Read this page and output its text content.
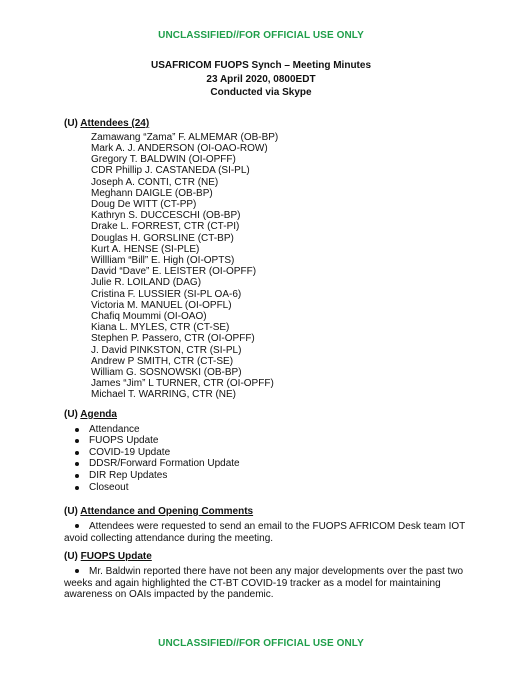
UNCLASSIFIED//FOR OFFICIAL USE ONLY
USAFRICOM FUOPS Synch – Meeting Minutes
23 April 2020, 0800EDT
Conducted via Skype
(U) Attendees (24)
Zamawang “Zama” F. ALMEMAR (OB-BP)
Mark A. J. ANDERSON (OI-OAO-ROW)
Gregory T. BALDWIN (OI-OPFF)
CDR Phillip J. CASTANEDA (SI-PL)
Joseph A. CONTI, CTR (NE)
Meghann DAIGLE (OB-BP)
Doug De WITT (CT-PP)
Kathryn S. DUCCESCHI (OB-BP)
Drake L. FORREST, CTR (CT-PI)
Douglas H. GORSLINE (CT-BP)
Kurt A. HENSE (SI-PLE)
Willliam “Bill” E. High (OI-OPTS)
David “Dave” E. LEISTER (OI-OPFF)
Julie R. LOILAND (DAG)
Cristina F. LUSSIER (SI-PL OA-6)
Victoria M. MANUEL (OI-OPFL)
Chafiq Moummi (OI-OAO)
Kiana L. MYLES, CTR (CT-SE)
Stephen P. Passero, CTR (OI-OPFF)
J. David PINKSTON, CTR (SI-PL)
Andrew P SMITH, CTR (CT-SE)
William G. SOSNOWSKI (OB-BP)
James “Jim” L TURNER, CTR (OI-OPFF)
Michael T. WARRING, CTR (NE)
(U) Agenda
Attendance
FUOPS Update
COVID-19 Update
DDSR/Forward Formation Update
DIR Rep Updates
Closeout
(U) Attendance and Opening Comments
Attendees were requested to send an email to the FUOPS AFRICOM Desk team IOT avoid collecting attendance during the meeting.
(U) FUOPS Update
Mr. Baldwin reported there have not been any major developments over the past two weeks and again highlighted the CT-BT COVID-19 tracker as a model for maintaining awareness on OAIs impacted by the pandemic.
UNCLASSIFIED//FOR OFFICIAL USE ONLY
